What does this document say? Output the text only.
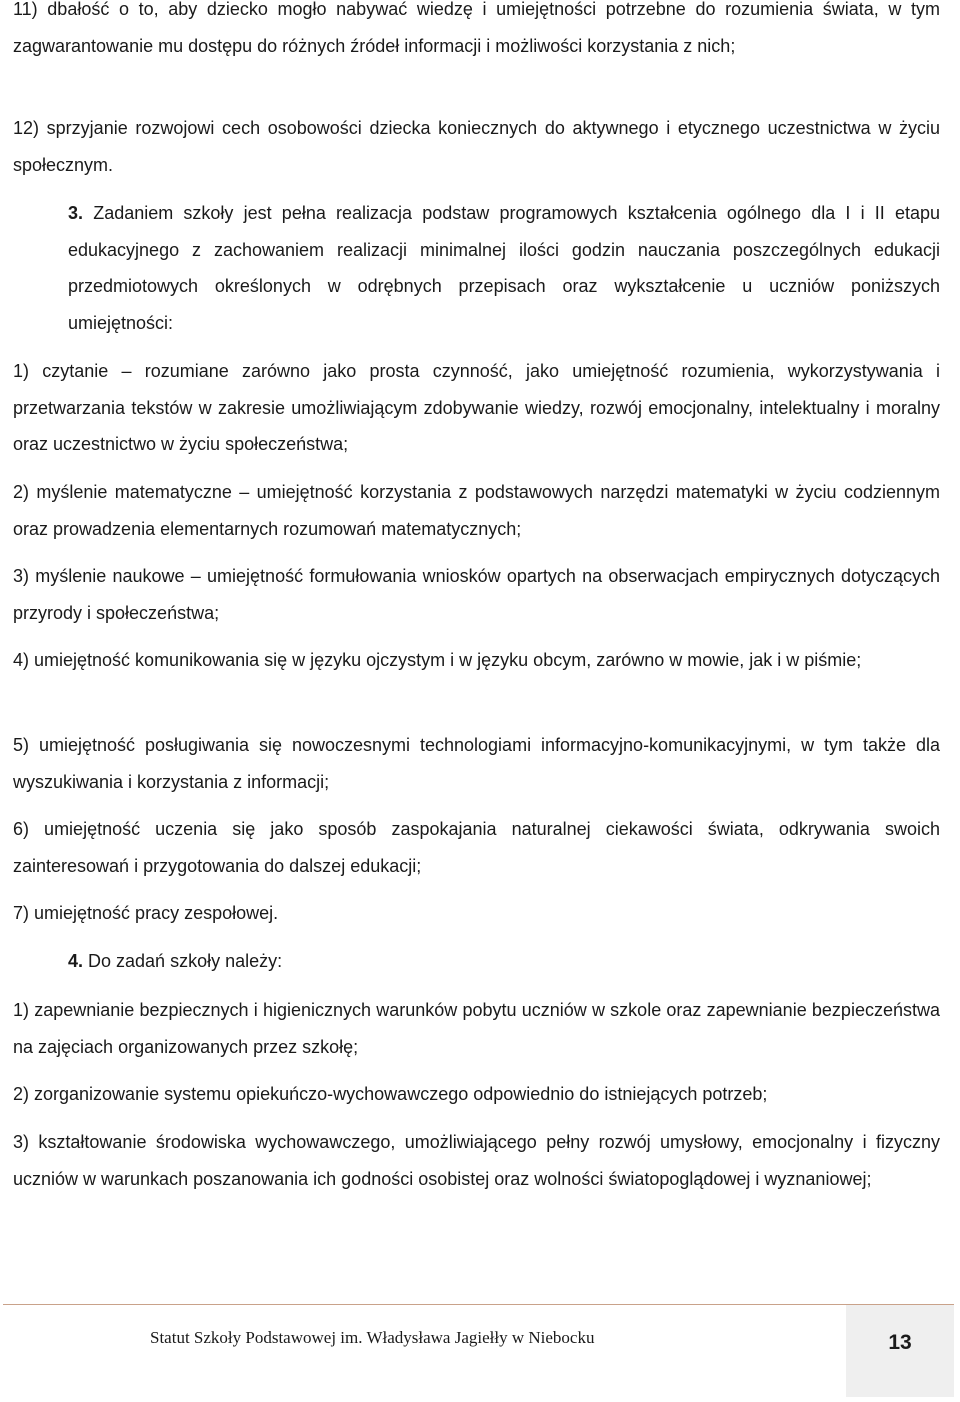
11) dbałość o to, aby dziecko mogło nabywać wiedzę i umiejętności potrzebne do rozumienia świata, w tym zagwarantowanie mu dostępu do różnych źródeł informacji i możliwości korzystania z nich;

12) sprzyjanie rozwojowi cech osobowości dziecka koniecznych do aktywnego i etycznego uczestnictwa w życiu społecznym.

3. Zadaniem szkoły jest pełna realizacja podstaw programowych kształcenia ogólnego dla I i II etapu edukacyjnego z zachowaniem realizacji minimalnej ilości godzin nauczania poszczególnych edukacji przedmiotowych określonych w odrębnych przepisach oraz wykształcenie u uczniów poniższych umiejętności:

1) czytanie – rozumiane zarówno jako prosta czynność, jako umiejętność rozumienia, wykorzystywania i przetwarzania tekstów w zakresie umożliwiającym zdobywanie wiedzy, rozwój emocjonalny, intelektualny i moralny oraz uczestnictwo w życiu społeczeństwa;

2) myślenie matematyczne – umiejętność korzystania z podstawowych narzędzi matematyki w życiu codziennym oraz prowadzenia elementarnych rozumowań matematycznych;

3) myślenie naukowe – umiejętność formułowania wniosków opartych na obserwacjach empirycznych dotyczących przyrody i społeczeństwa;

4) umiejętność komunikowania się w języku ojczystym i w języku obcym, zarówno w mowie, jak i w piśmie;

5) umiejętność posługiwania się nowoczesnymi technologiami informacyjno-komunikacyjnymi, w tym także dla wyszukiwania i korzystania z informacji;

6) umiejętność uczenia się jako sposób zaspokajania naturalnej ciekawości świata, odkrywania swoich zainteresowań i przygotowania do dalszej edukacji;

7) umiejętność pracy zespołowej.

4. Do zadań szkoły należy:

1) zapewnianie bezpiecznych i higienicznych warunków pobytu uczniów w szkole oraz zapewnianie bezpieczeństwa na zajęciach organizowanych przez szkołę;

2) zorganizowanie systemu opiekuńczo-wychowawczego odpowiednio do istniejących potrzeb;

3) kształtowanie środowiska wychowawczego, umożliwiającego pełny rozwój umysłowy, emocjonalny i fizyczny uczniów w warunkach poszanowania ich godności osobistej oraz wolności światopoglądowej i wyznaniowej;

Statut Szkoły Podstawowej im. Władysława Jagiełły w Niebocku	13
